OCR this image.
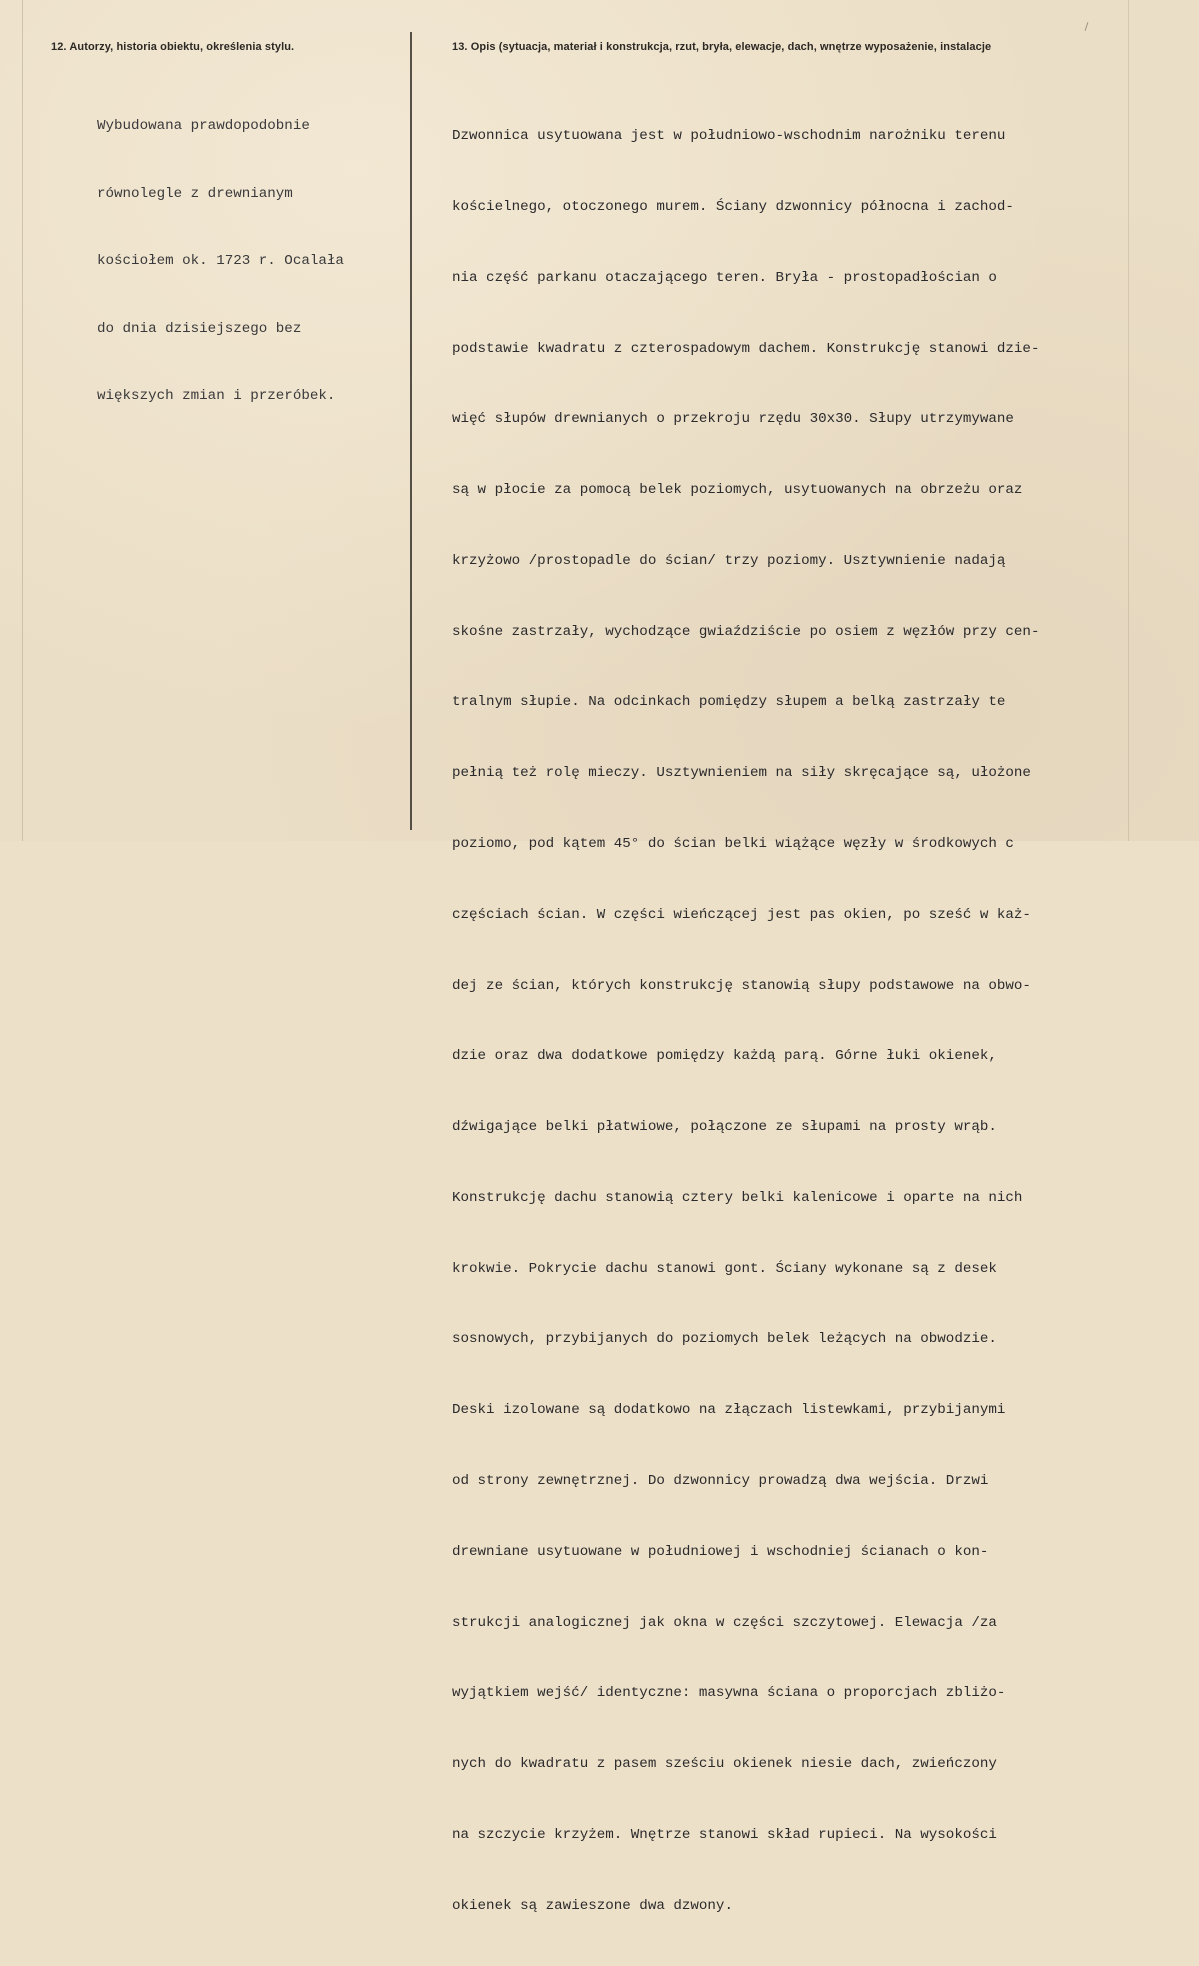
12. Autorzy, historia obiektu, określenia stylu.	13. Opis (sytuacja, materiał i konstrukcja, rzut, bryła, elewacje, dach, wnętrze wyposażenie, instalacje

Wybudowana prawdopodobnie

równolegle z drewnianym

kościołem ok. 1723 r. Ocalała

do dnia dzisiejszego bez

większych zmian i przeróbek.

Dzwonnica usytuowana jest w południowo-wschodnim narożniku terenu

kościelnego, otoczonego murem. Ściany dzwonnicy północna i zachod-

nia część parkanu otaczającego teren. Bryła - prostopadłościan o

podstawie kwadratu z czterospadowym dachem. Konstrukcję stanowi dzie-

więć słupów drewnianych o przekroju rzędu 30x30. Słupy utrzymywane

są w płocie za pomocą belek poziomych, usytuowanych na obrzeżu oraz

krzyżowo /prostopadle do ścian/ trzy poziomy. Usztywnienie nadają

skośne zastrzały, wychodzące gwiaździście po osiem z węzłów przy cen-

tralnym słupie. Na odcinkach pomiędzy słupem a belką zastrzały te

pełnią też rolę mieczy. Usztywnieniem na siły skręcające są, ułożone

poziomo, pod kątem 45° do ścian belki wiążące węzły w środkowych c

częściach ścian. W części wieńczącej jest pas okien, po sześć w każ-

dej ze ścian, których konstrukcję stanowią słupy podstawowe na obwo-

dzie oraz dwa dodatkowe pomiędzy każdą parą. Górne łuki okienek,

dźwigające belki płatwiowe, połączone ze słupami na prosty wrąb.

Konstrukcję dachu stanowią cztery belki kalenicowe i oparte na nich

krokwie. Pokrycie dachu stanowi gont. Ściany wykonane są z desek

sosnowych, przybijanych do poziomych belek leżących na obwodzie.

Deski izolowane są dodatkowo na złączach listewkami, przybijanymi

od strony zewnętrznej. Do dzwonnicy prowadzą dwa wejścia. Drzwi

drewniane usytuowane w południowej i wschodniej ścianach o kon-

strukcji analogicznej jak okna w części szczytowej. Elewacja /za

wyjątkiem wejść/ identyczne: masywna ściana o proporcjach zbliżo-

nych do kwadratu z pasem sześciu okienek niesie dach, zwieńczony

na szczycie krzyżem. Wnętrze stanowi skład rupieci. Na wysokości

okienek są zawieszone dwa dzwony.
